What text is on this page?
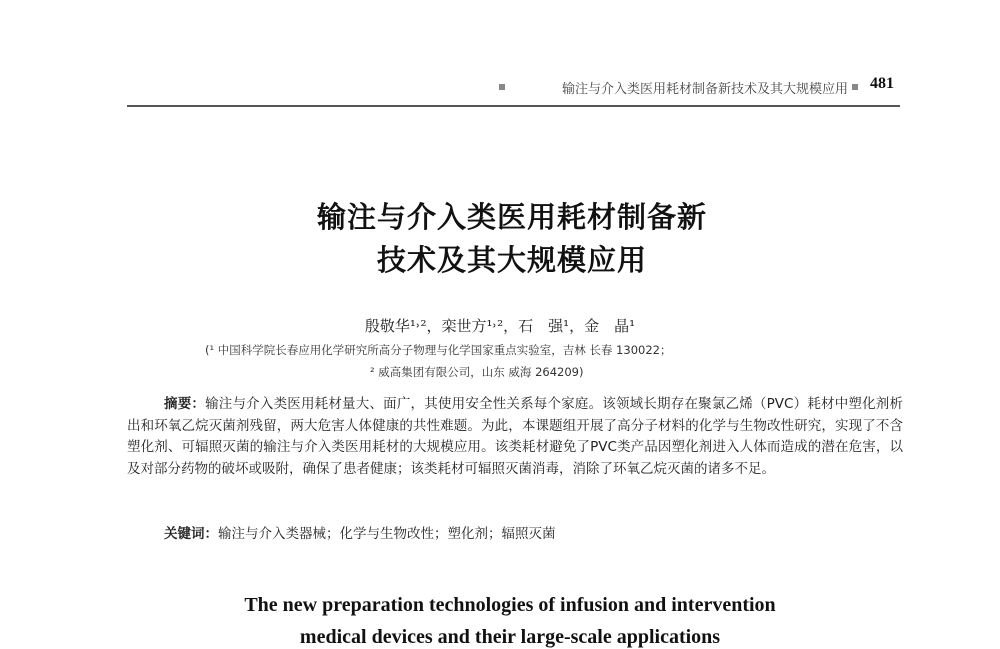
输注与介入类医用耗材制备新技术及其大规模应用 481
输注与介入类医用耗材制备新
技术及其大规模应用
殷敬华¹˒²，栾世方¹˒²，石　强¹，金　晶¹
(¹ 中国科学院长春应用化学研究所高分子物理与化学国家重点实验室，吉林 长春 130022；
² 威高集团有限公司，山东 威海 264209)
摘要：输注与介入类医用耗材量大、面广，其使用安全性关系每个家庭。该领域长期存在聚氯乙烯（PVC）耗材中塑化剂析出和环氧乙烷灭菌剂残留，两大危害人体健康的共性难题。为此，本课题组开展了高分子材料的化学与生物改性研究，实现了不含塑化剂、可辐照灭菌的输注与介入类医用耗材的大规模应用。该类耗材避免了PVC类产品因塑化剂进入人体而造成的潜在危害，以及对部分药物的破坏或吸附，确保了患者健康；该类耗材可辐照灭菌消毒，消除了环氧乙烷灭菌的诸多不足。
关键词：输注与介入类器械；化学与生物改性；塑化剂；辐照灭菌
The new preparation technologies of infusion and intervention
medical devices and their large-scale applications
